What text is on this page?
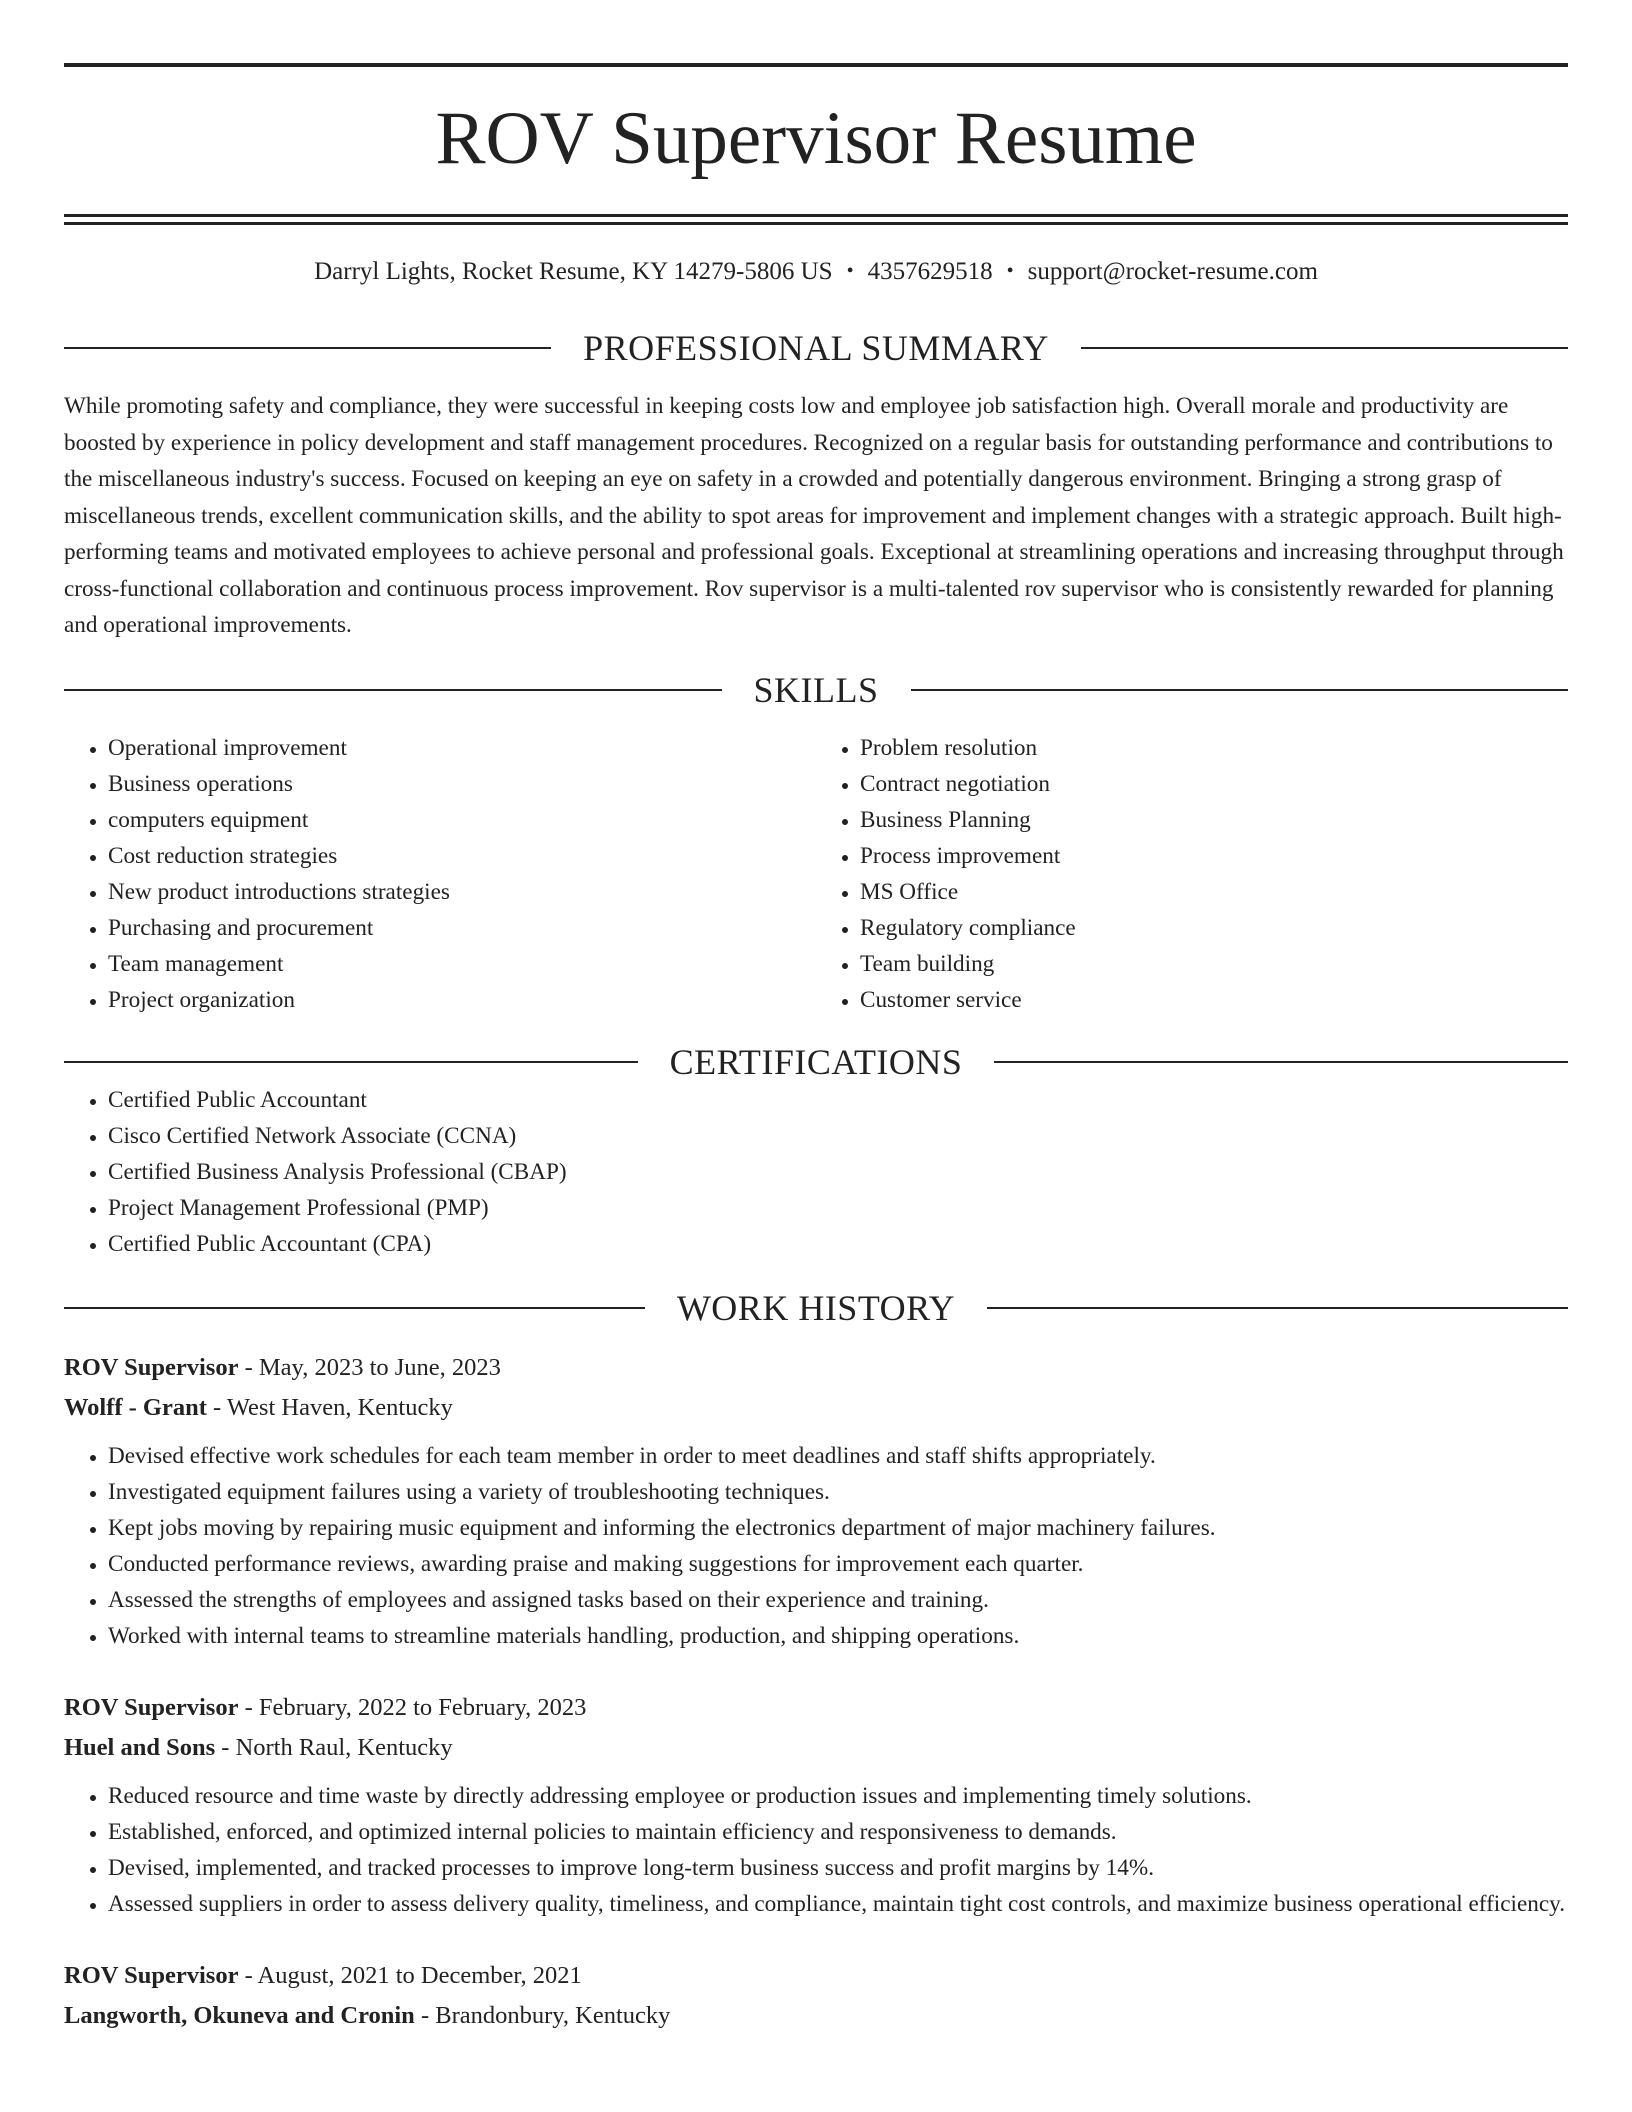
ROV Supervisor Resume
Darryl Lights, Rocket Resume, KY 14279-5806 US • 4357629518 • support@rocket-resume.com
PROFESSIONAL SUMMARY

While promoting safety and compliance, they were successful in keeping costs low and employee job satisfaction high. Overall morale and productivity are boosted by experience in policy development and staff management procedures. Recognized on a regular basis for outstanding performance and contributions to the miscellaneous industry's success. Focused on keeping an eye on safety in a crowded and potentially dangerous environment. Bringing a strong grasp of miscellaneous trends, excellent communication skills, and the ability to spot areas for improvement and implement changes with a strategic approach. Built high-performing teams and motivated employees to achieve personal and professional goals. Exceptional at streamlining operations and increasing throughput through cross-functional collaboration and continuous process improvement. Rov supervisor is a multi-talented rov supervisor who is consistently rewarded for planning and operational improvements.

SKILLS
• Operational improvement
• Business operations
• computers equipment
• Cost reduction strategies
• New product introductions strategies
• Purchasing and procurement
• Team management
• Project organization
• Problem resolution
• Contract negotiation
• Business Planning
• Process improvement
• MS Office
• Regulatory compliance
• Team building
• Customer service
CERTIFICATIONS
• Certified Public Accountant
• Cisco Certified Network Associate (CCNA)
• Certified Business Analysis Professional (CBAP)
• Project Management Professional (PMP)
• Certified Public Accountant (CPA)
WORK HISTORY
ROV Supervisor - May, 2023 to June, 2023
Wolff - Grant - West Haven, Kentucky
• Devised effective work schedules for each team member in order to meet deadlines and staff shifts appropriately.
• Investigated equipment failures using a variety of troubleshooting techniques.
• Kept jobs moving by repairing music equipment and informing the electronics department of major machinery failures.
• Conducted performance reviews, awarding praise and making suggestions for improvement each quarter.
• Assessed the strengths of employees and assigned tasks based on their experience and training.
• Worked with internal teams to streamline materials handling, production, and shipping operations.
ROV Supervisor - February, 2022 to February, 2023
Huel and Sons - North Raul, Kentucky
• Reduced resource and time waste by directly addressing employee or production issues and implementing timely solutions.
• Established, enforced, and optimized internal policies to maintain efficiency and responsiveness to demands.
• Devised, implemented, and tracked processes to improve long-term business success and profit margins by 14%.
• Assessed suppliers in order to assess delivery quality, timeliness, and compliance, maintain tight cost controls, and maximize business operational efficiency.
ROV Supervisor - August, 2021 to December, 2021
Langworth, Okuneva and Cronin - Brandonbury, Kentucky
